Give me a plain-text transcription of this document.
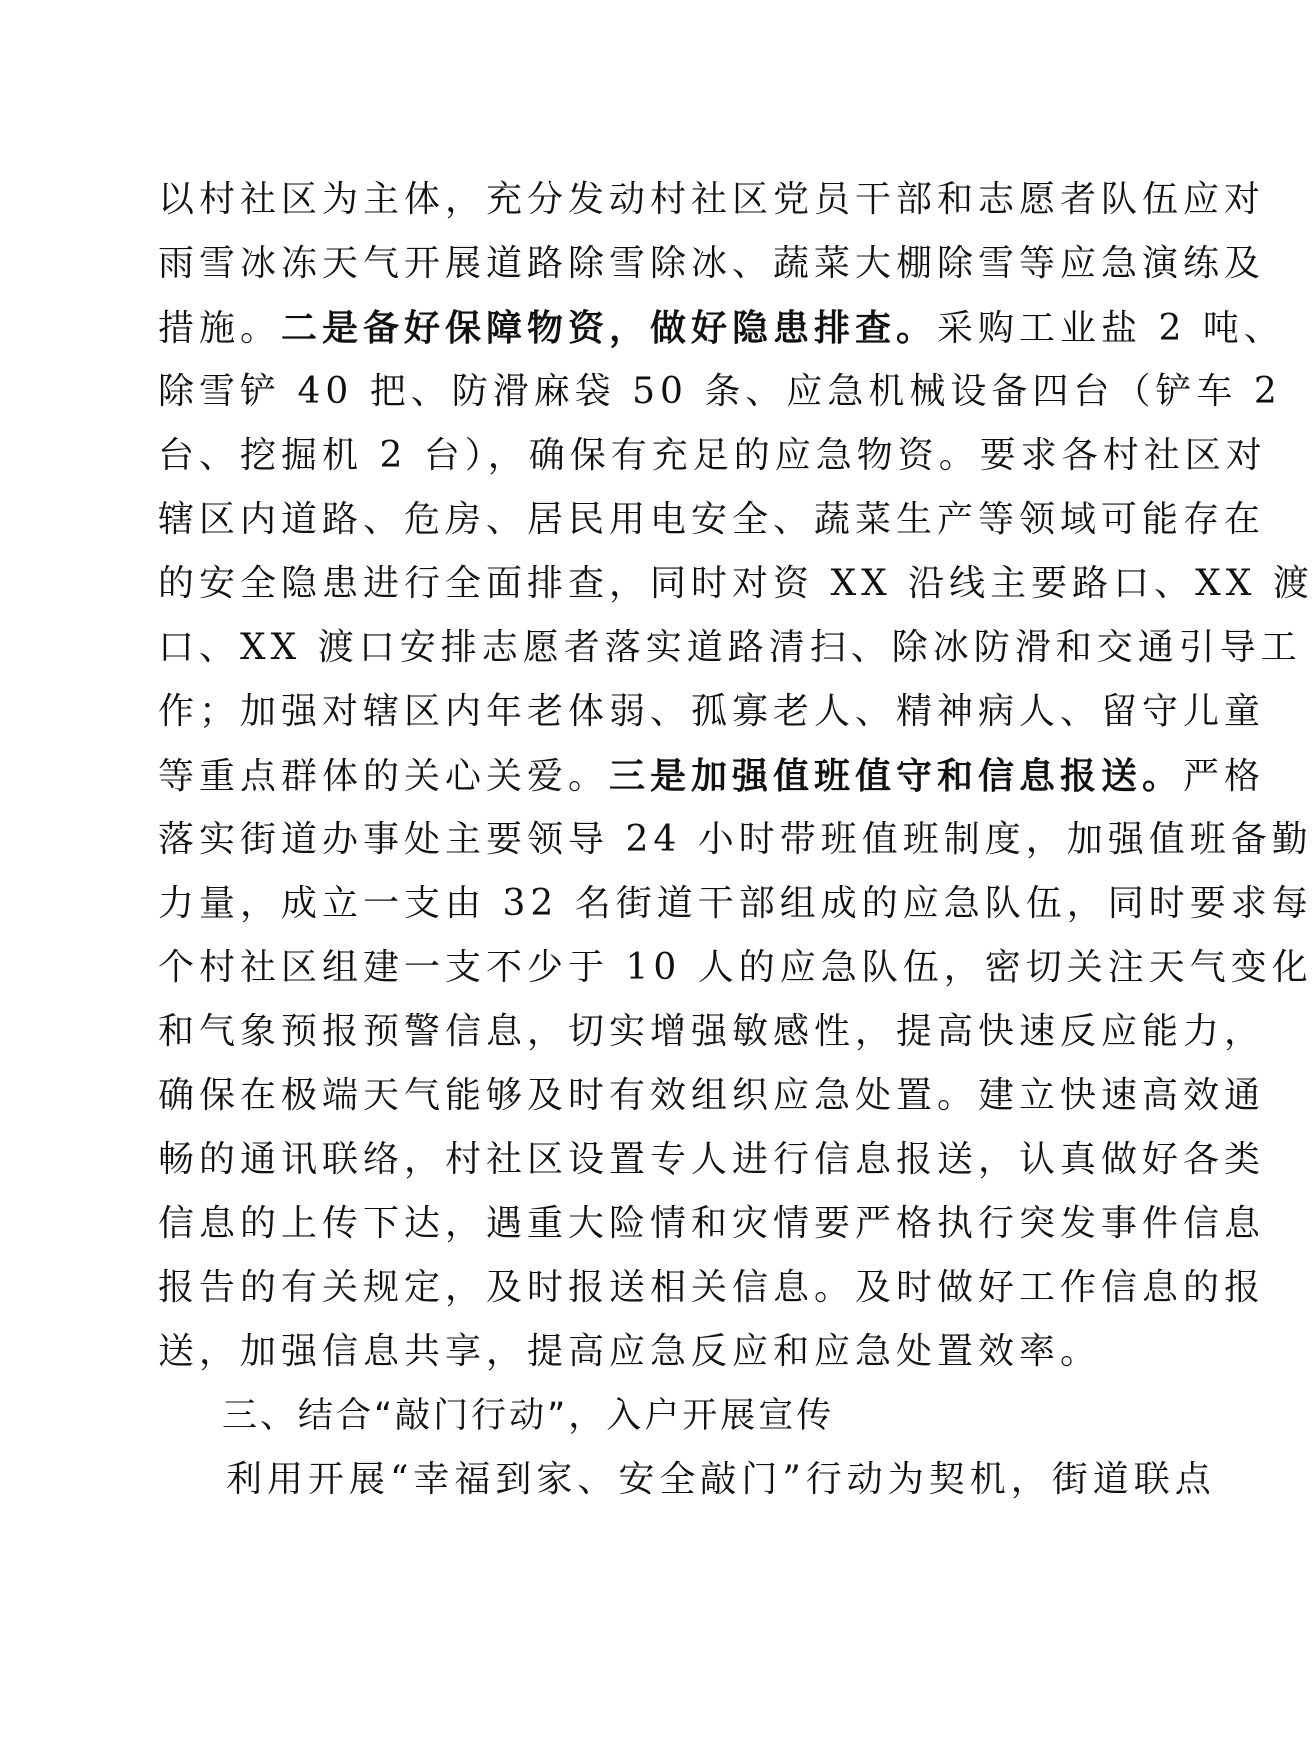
以村社区为主体，充分发动村社区党员干部和志愿者队伍应对
雨雪冰冻天气开展道路除雪除冰、蔬菜大棚除雪等应急演练及
措施。二是备好保障物资，做好隐患排查。采购工业盐 2 吨、
除雪铲 40 把、防滑麻袋 50 条、应急机械设备四台（铲车 2
台、挖掘机 2 台），确保有充足的应急物资。要求各村社区对
辖区内道路、危房、居民用电安全、蔬菜生产等领域可能存在
的安全隐患进行全面排查，同时对资 XX 沿线主要路口、XX 渡
口、XX 渡口安排志愿者落实道路清扫、除冰防滑和交通引导工
作；加强对辖区内年老体弱、孤寡老人、精神病人、留守儿童
等重点群体的关心关爱。三是加强值班值守和信息报送。严格
落实街道办事处主要领导 24 小时带班值班制度，加强值班备勤
力量，成立一支由 32 名街道干部组成的应急队伍，同时要求每
个村社区组建一支不少于 10 人的应急队伍，密切关注天气变化
和气象预报预警信息，切实增强敏感性，提高快速反应能力，
确保在极端天气能够及时有效组织应急处置。建立快速高效通
畅的通讯联络，村社区设置专人进行信息报送，认真做好各类
信息的上传下达，遇重大险情和灾情要严格执行突发事件信息
报告的有关规定，及时报送相关信息。及时做好工作信息的报
送，加强信息共享，提高应急反应和应急处置效率。
三、结合“敲门行动”，入户开展宣传
利用开展“幸福到家、安全敲门”行动为契机，街道联点
